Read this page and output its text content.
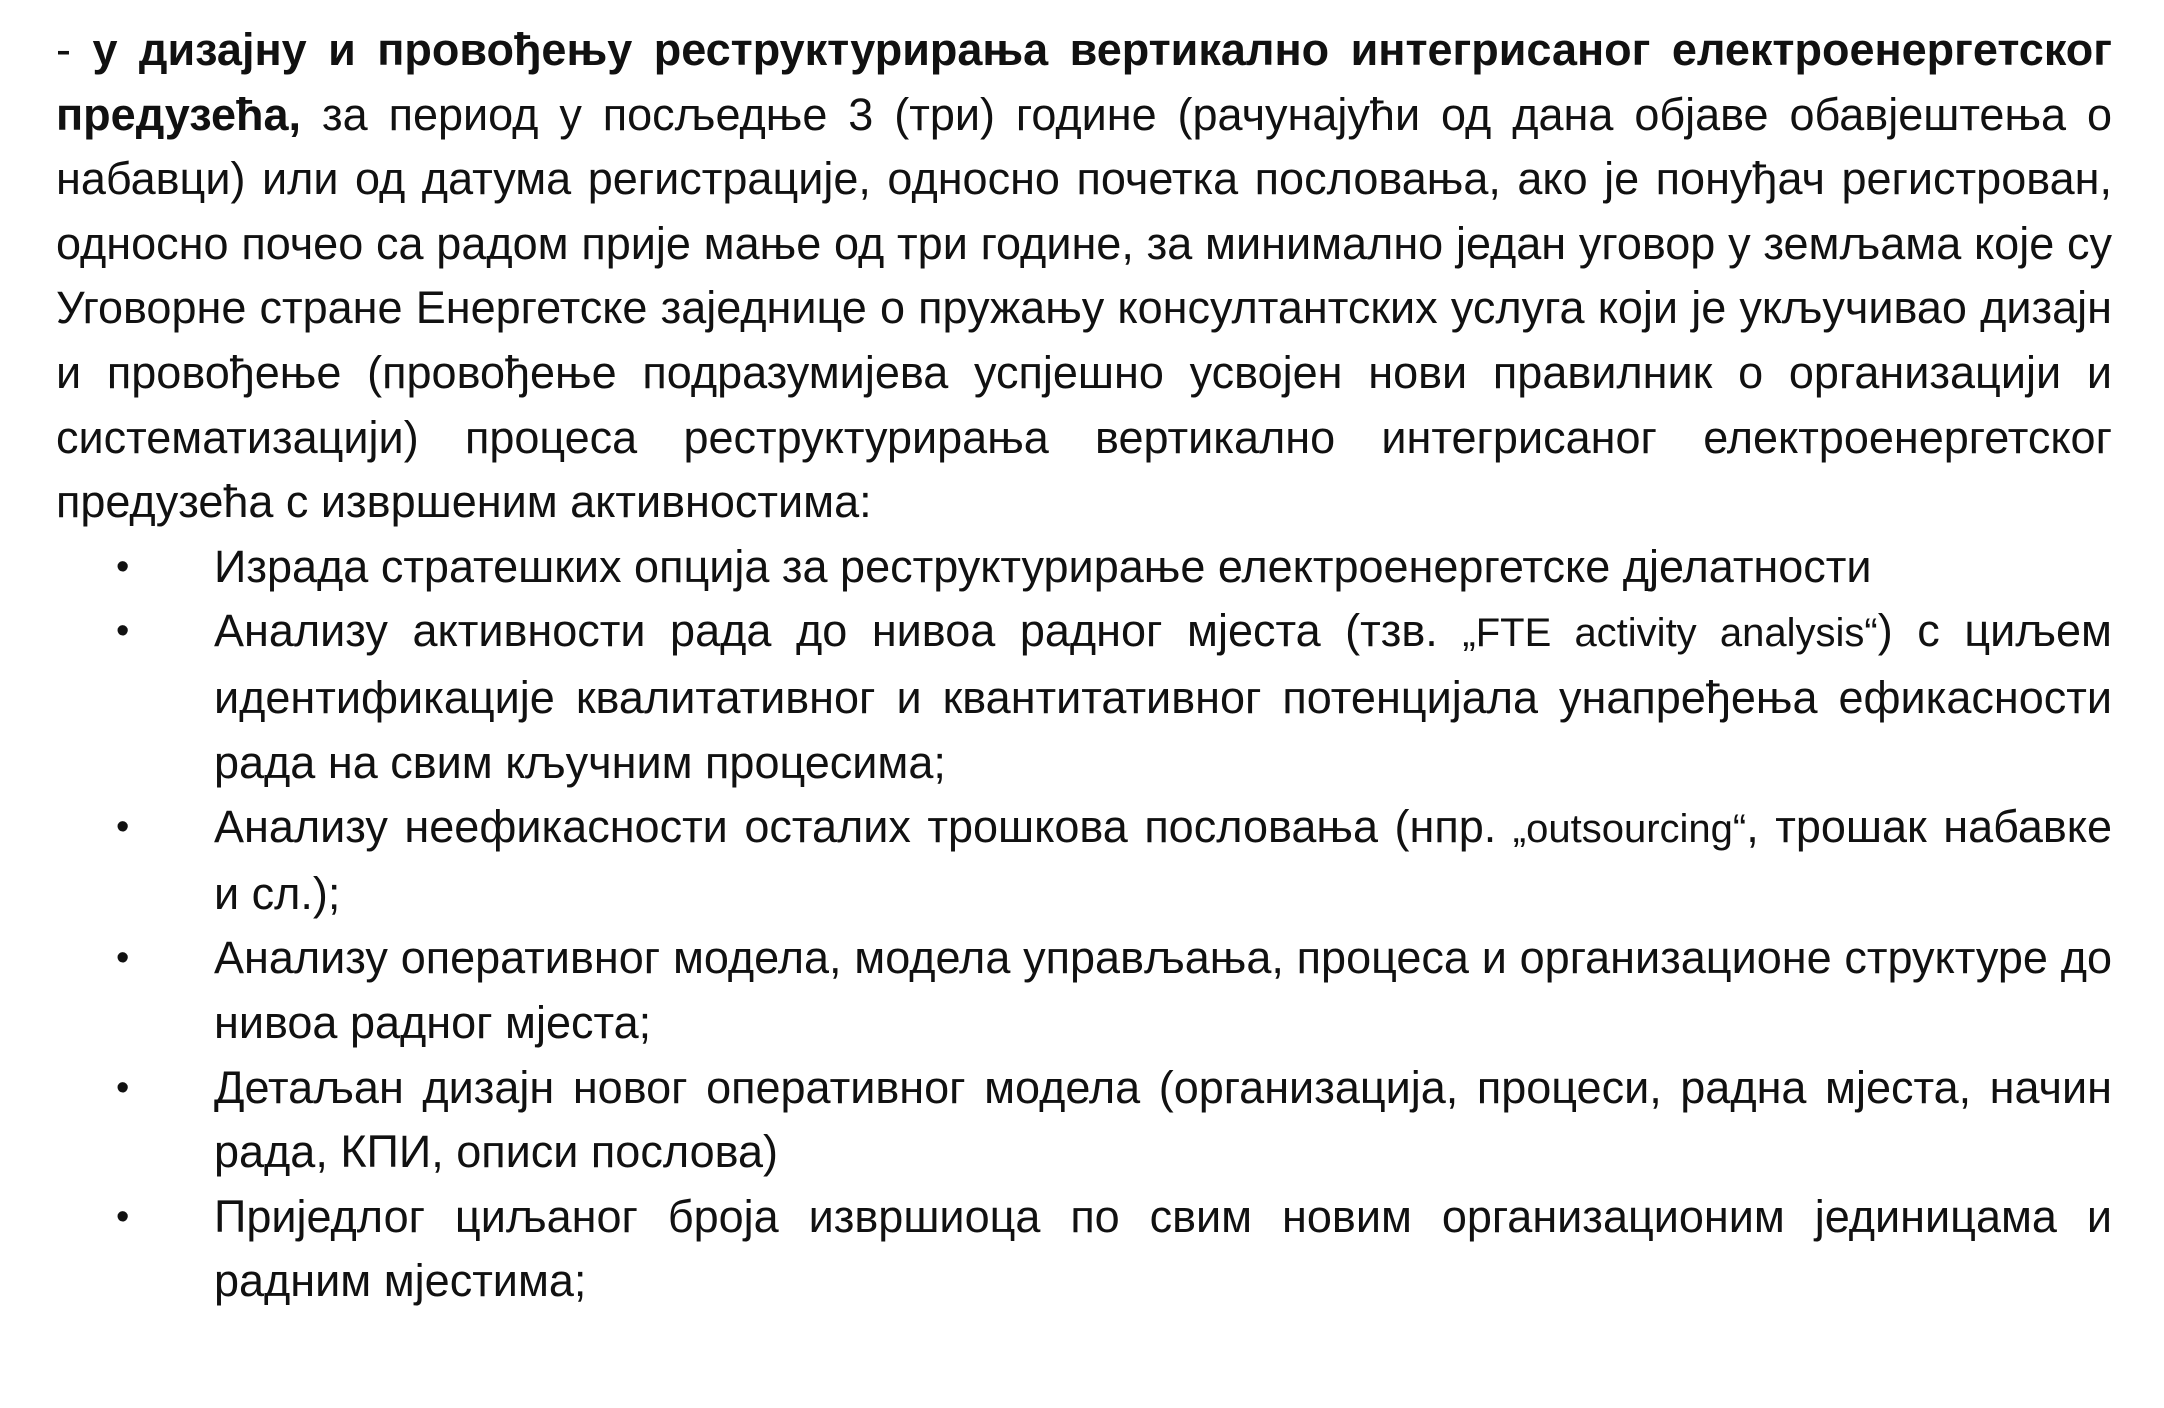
- у дизајну и провођењу реструктурирања вертикално интегрисаног електроенергетског предузећа, за период у посљедње 3 (три) године (рачунајући од дана објаве обавјештења о набавци) или од датума регистрације, односно почетка пословања, ако је понуђач регистрован, односно почео са радом прије мање од три године, за минимално један уговор у земљама које су Уговорне стране Енергетске заједнице о пружању консултантских услуга који је укључивао дизајн и провођење (провођење подразумијева успјешно усвојен нови правилник о организацији и систематизацији) процеса реструктурирања вертикално интегрисаног електроенергетског предузећа с извршеним активностима:

•	Израда стратешких опција за реструктурирање електроенергетске дјелатности
•	Анализу активности рада до нивоа радног мјеста (тзв. „FTE activity analysis“) с циљем идентификације квалитативног и квантитативног потенцијала унапређења ефикасности рада на свим кључним процесима;
•	Анализу неефикасности осталих трошкова пословања (нпр. „outsourcing“, трошак набавке и сл.);
•	Анализу оперативног модела, модела управљања, процеса и организационе структуре до нивоа радног мјеста;
•	Детаљан дизајн новог оперативног модела (организација, процеси, радна мјеста, начин рада, КПИ, описи послова)
•	Приједлог циљаног броја извршиоца по свим новим организационим јединицама и радним мјестима;
